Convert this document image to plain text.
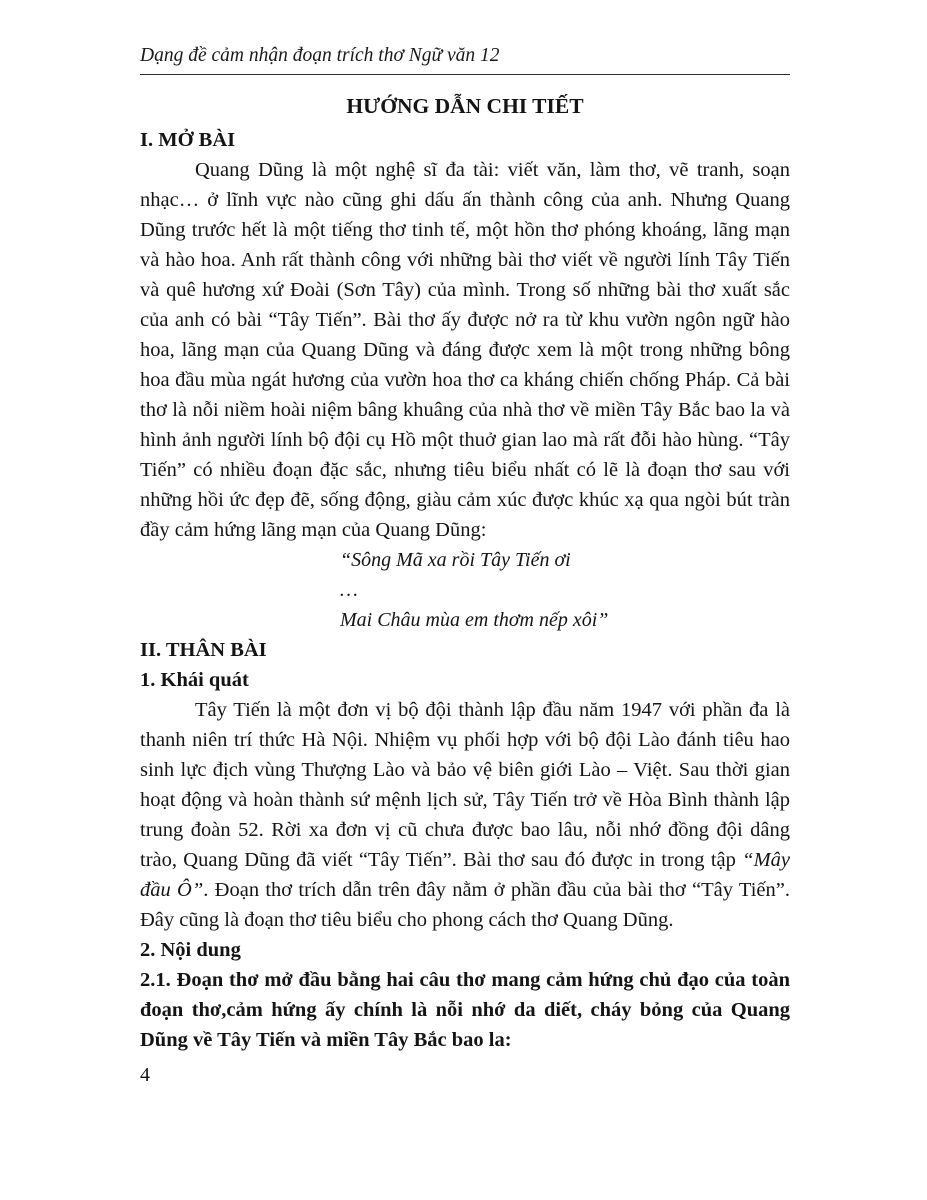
Dạng đề cảm nhận đoạn trích thơ Ngữ văn 12
HƯỚNG DẪN CHI TIẾT
I. MỞ BÀI

Quang Dũng là một nghệ sĩ đa tài: viết văn, làm thơ, vẽ tranh, soạn nhạc… ở lĩnh vực nào cũng ghi dấu ấn thành công của anh. Nhưng Quang Dũng trước hết là một tiếng thơ tinh tế, một hồn thơ phóng khoáng, lãng mạn và hào hoa. Anh rất thành công với những bài thơ viết về người lính Tây Tiến và quê hương xứ Đoài (Sơn Tây) của mình. Trong số những bài thơ xuất sắc của anh có bài “Tây Tiến”. Bài thơ ấy được nở ra từ khu vườn ngôn ngữ hào hoa, lãng mạn của Quang Dũng và đáng được xem là một trong những bông hoa đầu mùa ngát hương của vườn hoa thơ ca kháng chiến chống Pháp. Cả bài thơ là nỗi niềm hoài niệm bâng khuâng của nhà thơ về miền Tây Bắc bao la và hình ảnh người lính bộ đội cụ Hồ một thuở gian lao mà rất đỗi hào hùng. “Tây Tiến” có nhiều đoạn đặc sắc, nhưng tiêu biểu nhất có lẽ là đoạn thơ sau với những hồi ức đẹp đẽ, sống động, giàu cảm xúc được khúc xạ qua ngòi bút tràn đầy cảm hứng lãng mạn của Quang Dũng:

“Sông Mã xa rồi Tây Tiến ơi
…
Mai Châu mùa em thơm nếp xôi”
II. THÂN BÀI
1. Khái quát

Tây Tiến là một đơn vị bộ đội thành lập đầu năm 1947 với phần đa là thanh niên trí thức Hà Nội. Nhiệm vụ phối hợp với bộ đội Lào đánh tiêu hao sinh lực địch vùng Thượng Lào và bảo vệ biên giới Lào – Việt. Sau thời gian hoạt động và hoàn thành sứ mệnh lịch sử, Tây Tiến trở về Hòa Bình thành lập trung đoàn 52. Rời xa đơn vị cũ chưa được bao lâu, nỗi nhớ đồng đội dâng trào, Quang Dũng đã viết “Tây Tiến”. Bài thơ sau đó được in trong tập “Mây đầu Ô”. Đoạn thơ trích dẫn trên đây nằm ở phần đầu của bài thơ “Tây Tiến”. Đây cũng là đoạn thơ tiêu biểu cho phong cách thơ Quang Dũng.

2. Nội dung

2.1. Đoạn thơ mở đầu bằng hai câu thơ mang cảm hứng chủ đạo của toàn đoạn thơ,cảm hứng ấy chính là nỗi nhớ da diết, cháy bỏng của Quang Dũng về Tây Tiến và miền Tây Bắc bao la:

4
